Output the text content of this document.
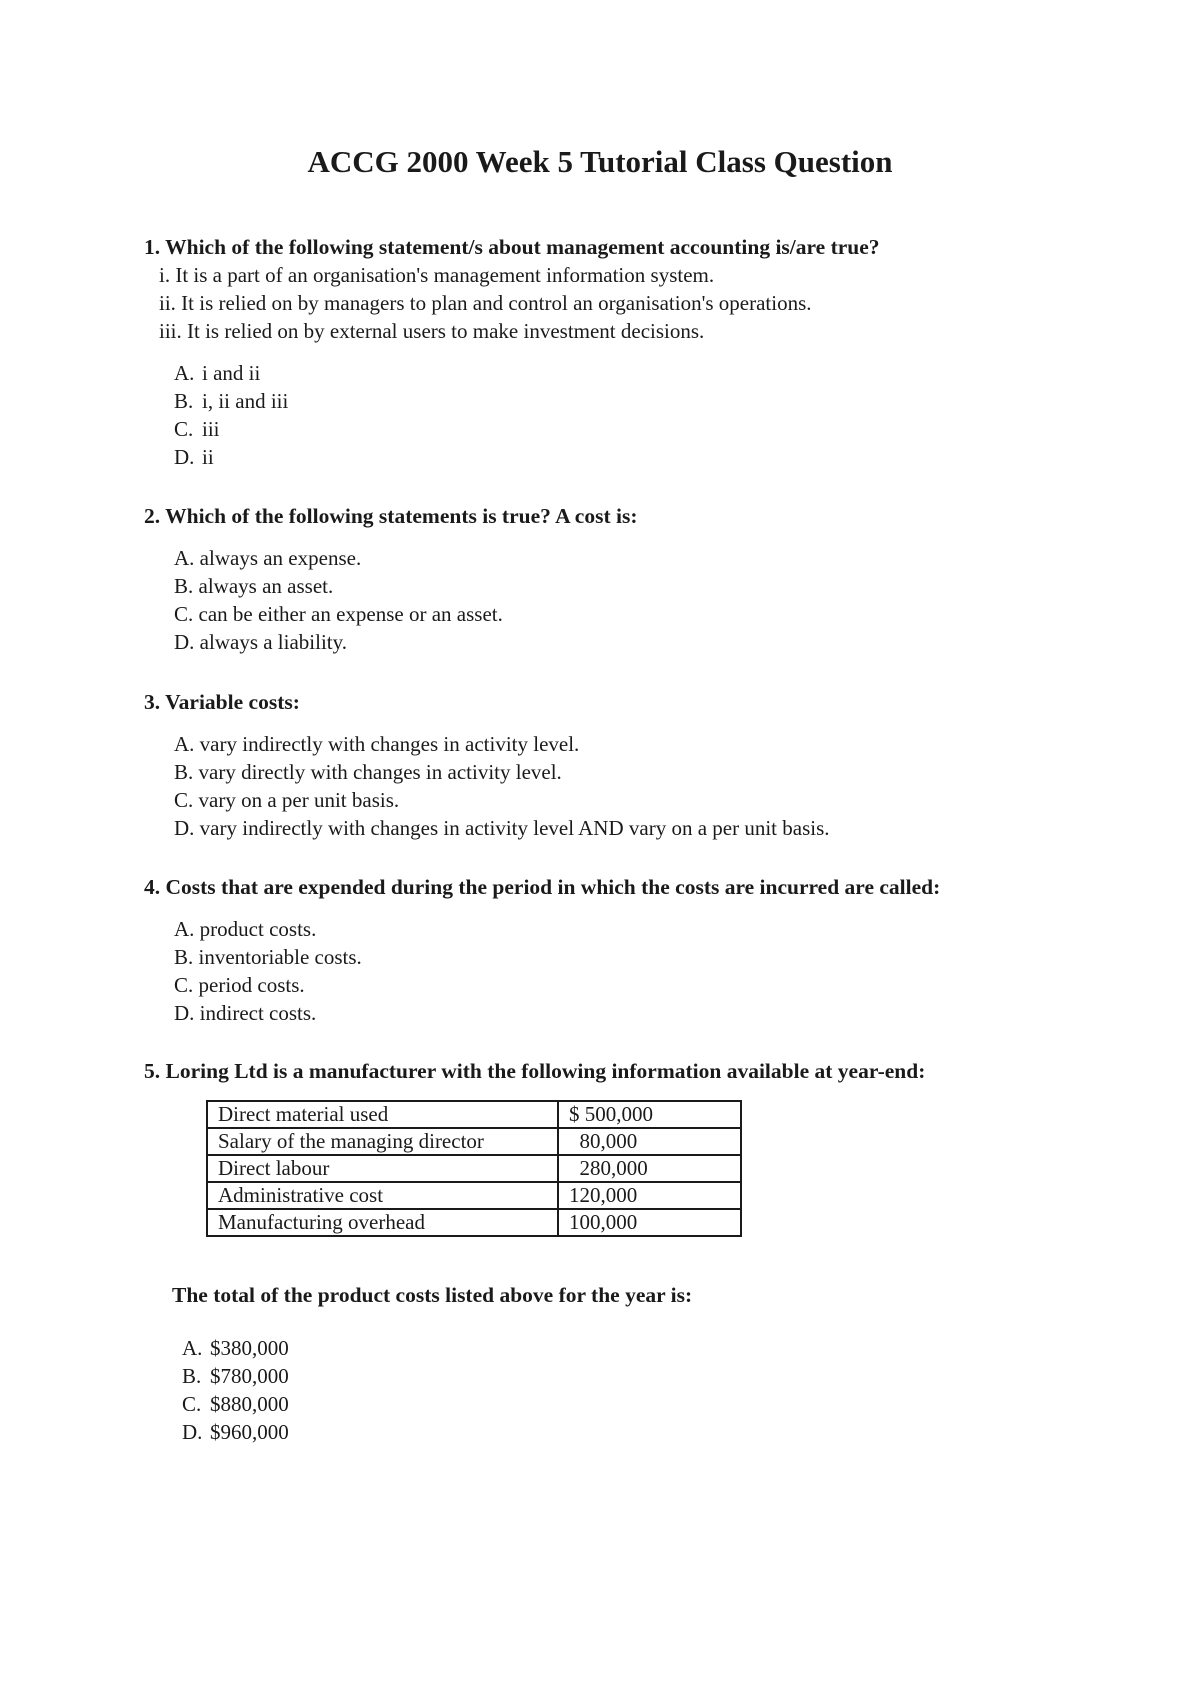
ACCG 2000 Week 5 Tutorial Class Question
1. Which of the following statement/s about management accounting is/are true?
i. It is a part of an organisation's management information system.
ii. It is relied on by managers to plan and control an organisation's operations.
iii. It is relied on by external users to make investment decisions.
A. i and ii
B. i, ii and iii
C. iii
D. ii
2. Which of the following statements is true? A cost is:
A. always an expense.
B. always an asset.
C. can be either an expense or an asset.
D. always a liability.
3. Variable costs:
A. vary indirectly with changes in activity level.
B. vary directly with changes in activity level.
C. vary on a per unit basis.
D. vary indirectly with changes in activity level AND vary on a per unit basis.
4. Costs that are expended during the period in which the costs are incurred are called:
A. product costs.
B. inventoriable costs.
C. period costs.
D. indirect costs.
5. Loring Ltd is a manufacturer with the following information available at year-end:
Direct material used	$ 500,000
Salary of the managing director	80,000
Direct labour	280,000
Administrative cost	120,000
Manufacturing overhead	100,000
The total of the product costs listed above for the year is:
A. $380,000
B. $780,000
C. $880,000
D. $960,000
